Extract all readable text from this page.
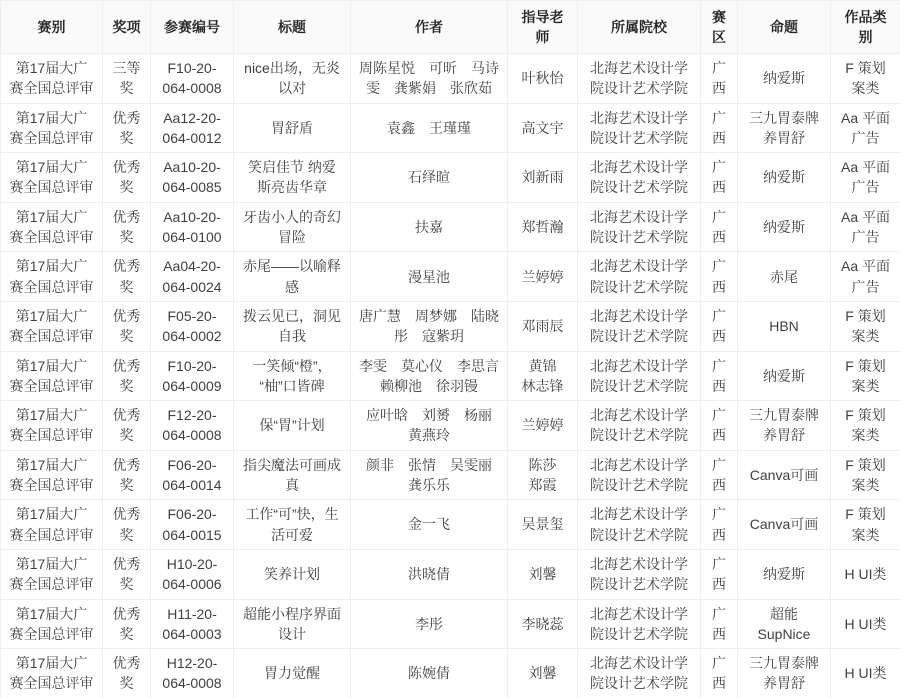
赛别	奖项	参赛编号	标题	作者	指导老师	所属院校	赛区	命题	作品类别
第17届大广赛全国总评审	三等奖	F10-20-064-0008	nice出场，无炎以对	周陈星悦　可昕　马诗雯　龚紫娟　张欣茹	叶秋怡	北海艺术设计学院设计艺术学院	广西	纳爱斯	F 策划案类
第17届大广赛全国总评审	优秀奖	Aa12-20-064-0012	胃舒盾	袁鑫　王瑾瑾	高文宇	北海艺术设计学院设计艺术学院	广西	三九胃泰牌养胃舒	Aa 平面广告
第17届大广赛全国总评审	优秀奖	Aa10-20-064-0085	笑启佳节 纳爱斯亮齿华章	石绎暄	刘新雨	北海艺术设计学院设计艺术学院	广西	纳爱斯	Aa 平面广告
第17届大广赛全国总评审	优秀奖	Aa10-20-064-0100	牙齿小人的奇幻冒险	扶嘉	郑哲瀚	北海艺术设计学院设计艺术学院	广西	纳爱斯	Aa 平面广告
第17届大广赛全国总评审	优秀奖	Aa04-20-064-0024	赤尾——以喻释感	漫星池	兰婷婷	北海艺术设计学院设计艺术学院	广西	赤尾	Aa 平面广告
第17届大广赛全国总评审	优秀奖	F05-20-064-0002	拨云见已，洞见自我	唐广慧　周梦娜　陆晓彤　寇紫玥	邓雨辰	北海艺术设计学院设计艺术学院	广西	HBN	F 策划案类
第17届大广赛全国总评审	优秀奖	F10-20-064-0009	一笑倾“橙”，“柚”口皆碑	李雯　莫心仪　李思言　赖柳池　徐羽镘	黄锦　林志锋	北海艺术设计学院设计艺术学院	广西	纳爱斯	F 策划案类
第17届大广赛全国总评审	优秀奖	F12-20-064-0008	保“胃”计划	应叶晗　刘赟　杨丽　黄燕玲	兰婷婷	北海艺术设计学院设计艺术学院	广西	三九胃泰牌养胃舒	F 策划案类
第17届大广赛全国总评审	优秀奖	F06-20-064-0014	指尖魔法可画成真	颜非　张情　吴雯丽　龚乐乐	陈莎　郑霞	北海艺术设计学院设计艺术学院	广西	Canva可画	F 策划案类
第17届大广赛全国总评审	优秀奖	F06-20-064-0015	工作“可”快，生活可爱	金一飞	吴景玺	北海艺术设计学院设计艺术学院	广西	Canva可画	F 策划案类
第17届大广赛全国总评审	优秀奖	H10-20-064-0006	笑养计划	洪晓倩	刘馨	北海艺术设计学院设计艺术学院	广西	纳爱斯	H UI类
第17届大广赛全国总评审	优秀奖	H11-20-064-0003	超能小程序界面设计	李彤	李晓蕊	北海艺术设计学院设计艺术学院	广西	超能SupNice	H UI类
第17届大广赛全国总评审	优秀奖	H12-20-064-0008	胃力觉醒	陈婉倩	刘馨	北海艺术设计学院设计艺术学院	广西	三九胃泰牌养胃舒	H UI类
